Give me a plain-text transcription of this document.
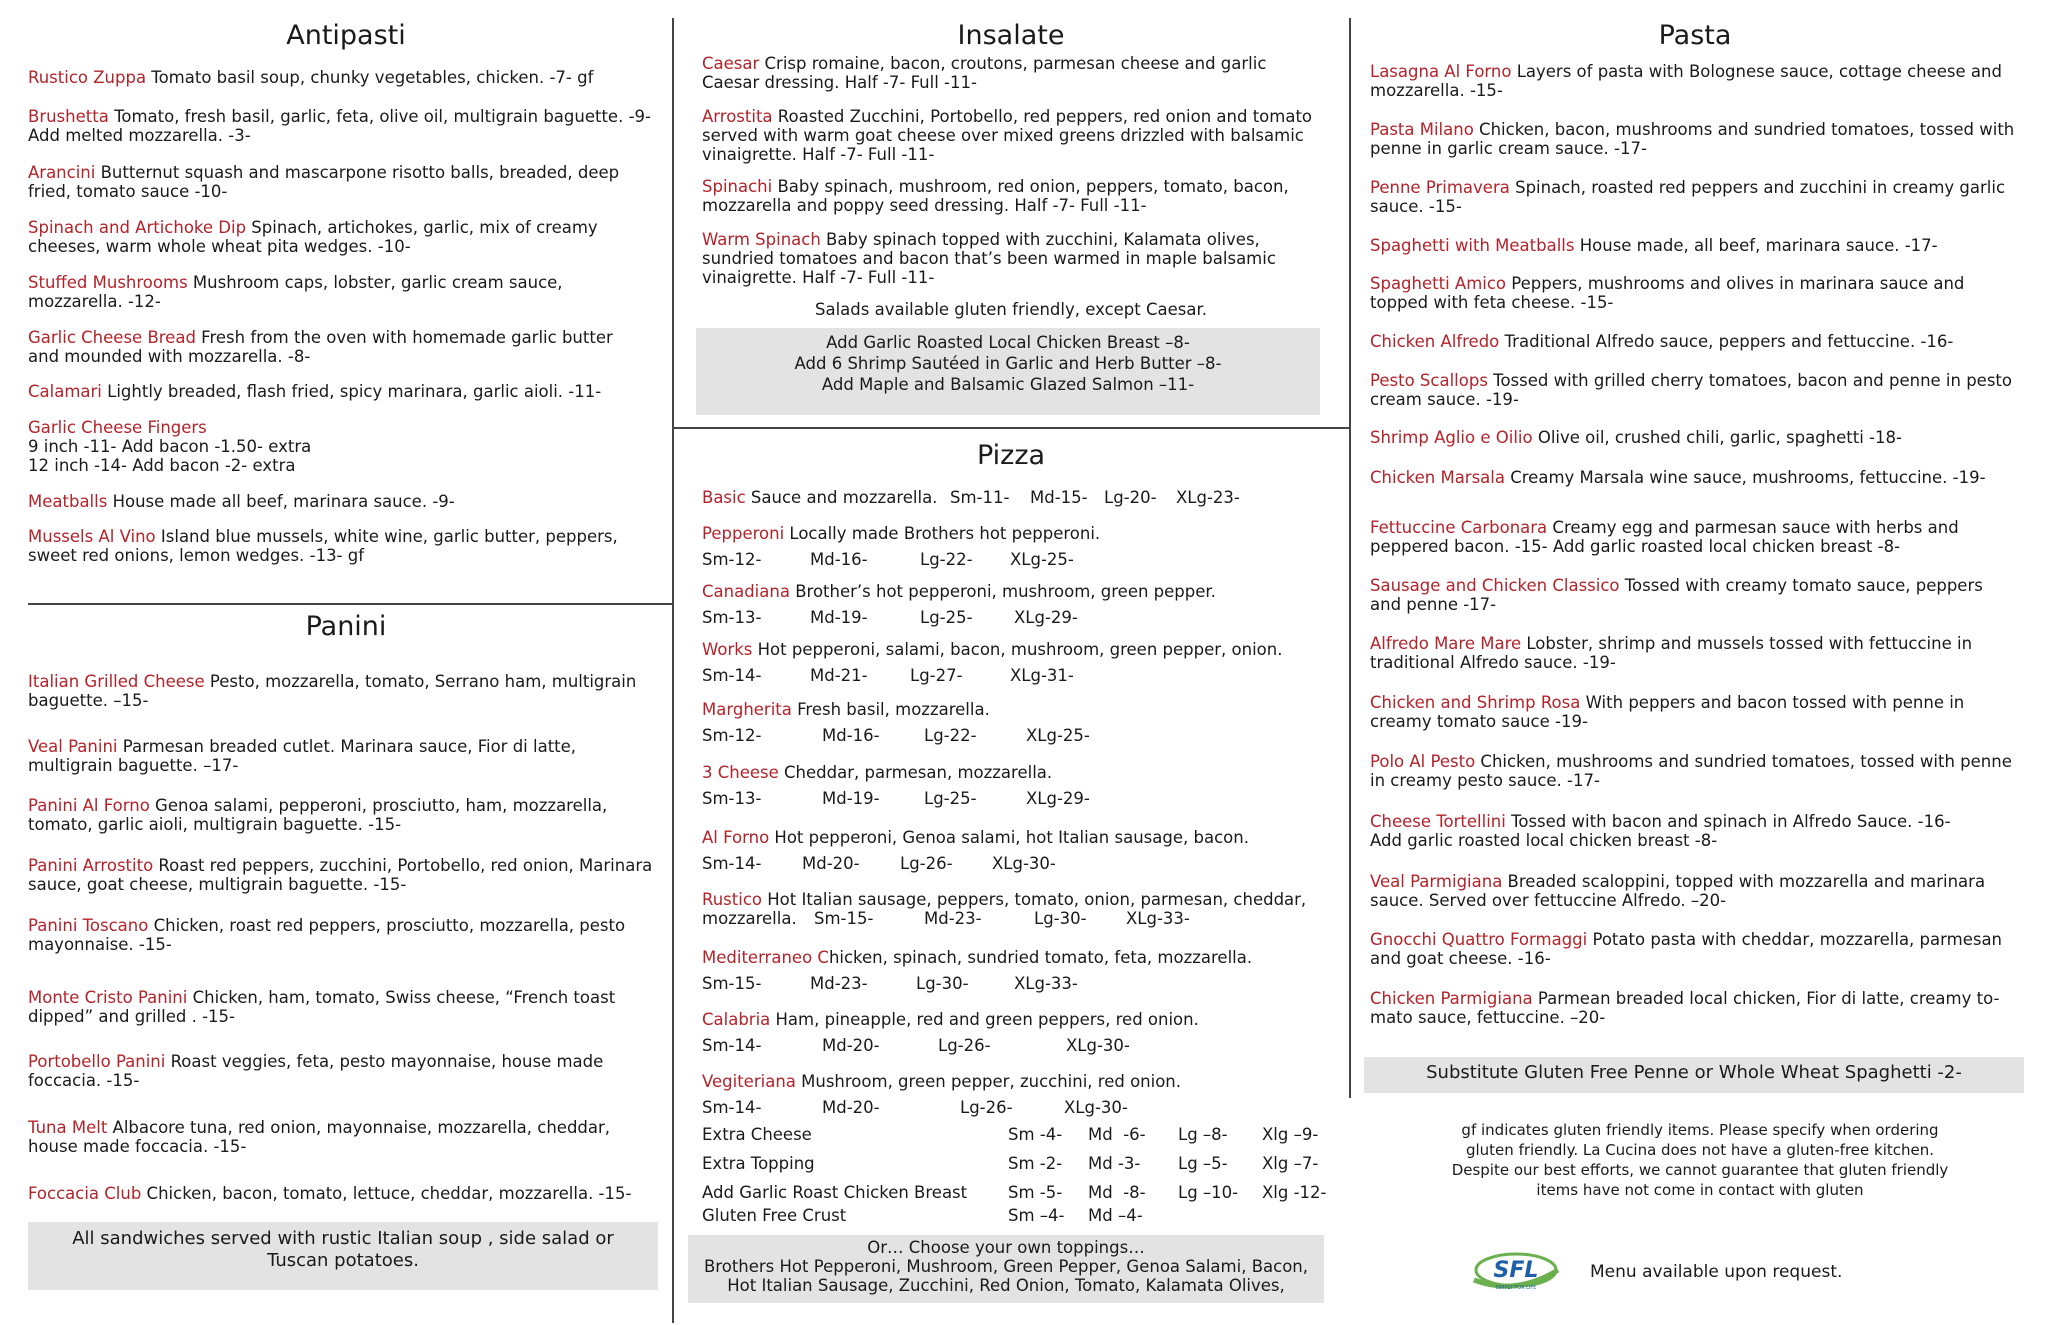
Antipasti
Rustico Zuppa Tomato basil soup, chunky vegetables, chicken. -7- gf
Brushetta Tomato, fresh basil, garlic, feta, olive oil, multigrain baguette. -9-
Add melted mozzarella. -3-
Arancini Butternut squash and mascarpone risotto balls, breaded, deep
fried, tomato sauce -10-
Spinach and Artichoke Dip Spinach, artichokes, garlic, mix of creamy
cheeses, warm whole wheat pita wedges. -10-
Stuffed Mushrooms Mushroom caps, lobster, garlic cream sauce,
mozzarella. -12-
Garlic Cheese Bread Fresh from the oven with homemade garlic butter
and mounded with mozzarella. -8-
Calamari Lightly breaded, flash fried, spicy marinara, garlic aioli. -11-
Garlic Cheese Fingers
9 inch -11- Add bacon -1.50- extra
12 inch -14- Add bacon -2- extra
Meatballs House made all beef, marinara sauce. -9-
Mussels Al Vino Island blue mussels, white wine, garlic butter, peppers,
sweet red onions, lemon wedges. -13- gf
Panini
Italian Grilled Cheese Pesto, mozzarella, tomato, Serrano ham, multigrain
baguette. –15-
Veal Panini Parmesan breaded cutlet. Marinara sauce, Fior di latte,
multigrain baguette. –17-
Panini Al Forno Genoa salami, pepperoni, prosciutto, ham, mozzarella,
tomato, garlic aioli, multigrain baguette. -15-
Panini Arrostito Roast red peppers, zucchini, Portobello, red onion, Marinara
sauce, goat cheese, multigrain baguette. -15-
Panini Toscano Chicken, roast red peppers, prosciutto, mozzarella, pesto
mayonnaise. -15-
Monte Cristo Panini Chicken, ham, tomato, Swiss cheese, “French toast
dipped” and grilled . -15-
Portobello Panini Roast veggies, feta, pesto mayonnaise, house made
foccacia. -15-
Tuna Melt Albacore tuna, red onion, mayonnaise, mozzarella, cheddar,
house made foccacia. -15-
Foccacia Club Chicken, bacon, tomato, lettuce, cheddar, mozzarella. -15-
All sandwiches served with rustic Italian soup , side salad or
Tuscan potatoes.
Insalate
Caesar Crisp romaine, bacon, croutons, parmesan cheese and garlic
Caesar dressing. Half -7- Full -11-
Arrostita Roasted Zucchini, Portobello, red peppers, red onion and tomato
served with warm goat cheese over mixed greens drizzled with balsamic
vinaigrette. Half -7- Full -11-
Spinachi Baby spinach, mushroom, red onion, peppers, tomato, bacon,
mozzarella and poppy seed dressing. Half -7- Full -11-
Warm Spinach Baby spinach topped with zucchini, Kalamata olives,
sundried tomatoes and bacon that’s been warmed in maple balsamic
vinaigrette. Half -7- Full -11-
Salads available gluten friendly, except Caesar.
Add Garlic Roasted Local Chicken Breast –8-
Add 6 Shrimp Sautéed in Garlic and Herb Butter –8-
Add Maple and Balsamic Glazed Salmon –11-
Pizza
Basic Sauce and mozzarella. Sm-11- Md-15- Lg-20- XLg-23-
Pepperoni Locally made Brothers hot pepperoni.
Sm-12-	Md-16-	Lg-22- XLg-25-
Canadiana Brother’s hot pepperoni, mushroom, green pepper.
Sm-13-	Md-19-	Lg-25-	XLg-29-
Works Hot pepperoni, salami, bacon, mushroom, green pepper, onion.
Sm-14-	Md-21-	Lg-27-	XLg-31-
Margherita Fresh basil, mozzarella.
Sm-12-	Md-16-	Lg-22-	XLg-25-
3 Cheese Cheddar, parmesan, mozzarella.
Sm-13-	Md-19-	Lg-25-	XLg-29-
Al Forno Hot pepperoni, Genoa salami, hot Italian sausage, bacon.
Sm-14- Md-20- Lg-26- XLg-30-
Rustico Hot Italian sausage, peppers, tomato, onion, parmesan, cheddar,
mozzarella.	Sm-15-	Md-23-	Lg-30- XLg-33-
Mediterraneo Chicken, spinach, sundried tomato, feta, mozzarella.
Sm-15-	Md-23-	Lg-30-	XLg-33-
Calabria Ham, pineapple, red and green peppers, red onion.
Sm-14-	Md-20-	Lg-26-	XLg-30-
Vegiteriana Mushroom, green pepper, zucchini, red onion.
Sm-14-	Md-20-	Lg-26-	XLg-30-
Extra Cheese	Sm -4- Md  -6- Lg –8- Xlg –9-
Extra Topping	Sm -2- Md -3- Lg –5- Xlg –7-
Add Garlic Roast Chicken Breast Sm -5- Md  -8- Lg –10- Xlg -12-
Gluten Free Crust	Sm –4- Md –4-
Or… Choose your own toppings…
Brothers Hot Pepperoni, Mushroom, Green Pepper, Genoa Salami, Bacon,
Hot Italian Sausage, Zucchini, Red Onion, Tomato, Kalamata Olives,
Pasta
Lasagna Al Forno Layers of pasta with Bolognese sauce, cottage cheese and
mozzarella. -15-
Pasta Milano Chicken, bacon, mushrooms and sundried tomatoes, tossed with
penne in garlic cream sauce. -17-
Penne Primavera Spinach, roasted red peppers and zucchini in creamy garlic
sauce. -15-
Spaghetti with Meatballs House made, all beef, marinara sauce. -17-
Spaghetti Amico Peppers, mushrooms and olives in marinara sauce and
topped with feta cheese. -15-
Chicken Alfredo Traditional Alfredo sauce, peppers and fettuccine. -16-
Pesto Scallops Tossed with grilled cherry tomatoes, bacon and penne in pesto
cream sauce. -19-
Shrimp Aglio e Oilio Olive oil, crushed chili, garlic, spaghetti -18-
Chicken Marsala Creamy Marsala wine sauce, mushrooms, fettuccine. -19-
Fettuccine Carbonara Creamy egg and parmesan sauce with herbs and
peppered bacon. -15- Add garlic roasted local chicken breast -8-
Sausage and Chicken Classico Tossed with creamy tomato sauce, peppers
and penne -17-
Alfredo Mare Mare Lobster, shrimp and mussels tossed with fettuccine in
traditional Alfredo sauce. -19-
Chicken and Shrimp Rosa With peppers and bacon tossed with penne in
creamy tomato sauce -19-
Polo Al Pesto Chicken, mushrooms and sundried tomatoes, tossed with penne
in creamy pesto sauce. -17-
Cheese Tortellini Tossed with bacon and spinach in Alfredo Sauce. -16-
Add garlic roasted local chicken breast -8-
Veal Parmigiana Breaded scaloppini, topped with mozzarella and marinara
sauce. Served over fettuccine Alfredo. –20-
Gnocchi Quattro Formaggi Potato pasta with cheddar, mozzarella, parmesan
and goat cheese. -16-
Chicken Parmigiana Parmean breaded local chicken, Fior di latte, creamy to-
mato sauce, fettuccine. –20-
Substitute Gluten Free Penne or Whole Wheat Spaghetti -2-
gf indicates gluten friendly items. Please specify when ordering
gluten friendly. La Cucina does not have a gluten-free kitchen.
Despite our best efforts, we cannot guarantee that gluten friendly
items have not come in contact with gluten
SFL
SIMPLY FOR LIFE
Menu available upon request.
